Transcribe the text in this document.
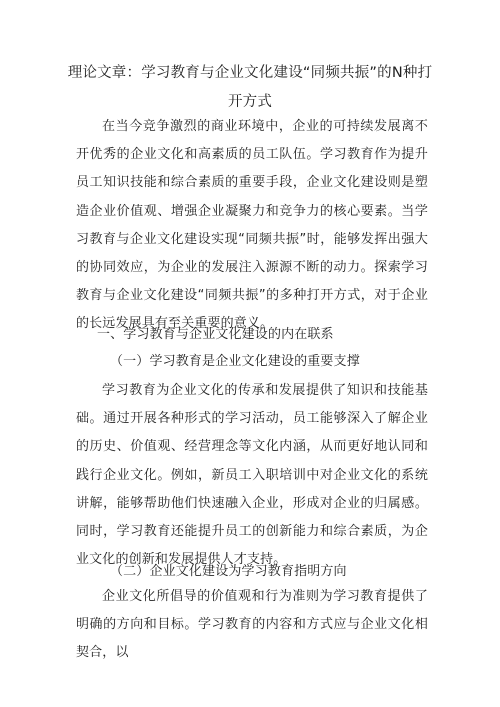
理论文章：学习教育与企业文化建设“同频共振”的N种打
开方式
在当今竞争激烈的商业环境中，企业的可持续发展离不开优秀的企业文化和高素质的员工队伍。学习教育作为提升员工知识技能和综合素质的重要手段，企业文化建设则是塑造企业价值观、增强企业凝聚力和竞争力的核心要素。当学习教育与企业文化建设实现“同频共振”时，能够发挥出强大的协同效应，为企业的发展注入源源不断的动力。探索学习教育与企业文化建设“同频共振”的多种打开方式，对于企业的长远发展具有至关重要的意义。
一、学习教育与企业文化建设的内在联系
（一）学习教育是企业文化建设的重要支撑
学习教育为企业文化的传承和发展提供了知识和技能基础。通过开展各种形式的学习活动，员工能够深入了解企业的历史、价值观、经营理念等文化内涵，从而更好地认同和践行企业文化。例如，新员工入职培训中对企业文化的系统讲解，能够帮助他们快速融入企业，形成对企业的归属感。同时，学习教育还能提升员工的创新能力和综合素质，为企业文化的创新和发展提供人才支持。
（二）企业文化建设为学习教育指明方向
企业文化所倡导的价值观和行为准则为学习教育提供了明确的方向和目标。学习教育的内容和方式应与企业文化相契合，以
